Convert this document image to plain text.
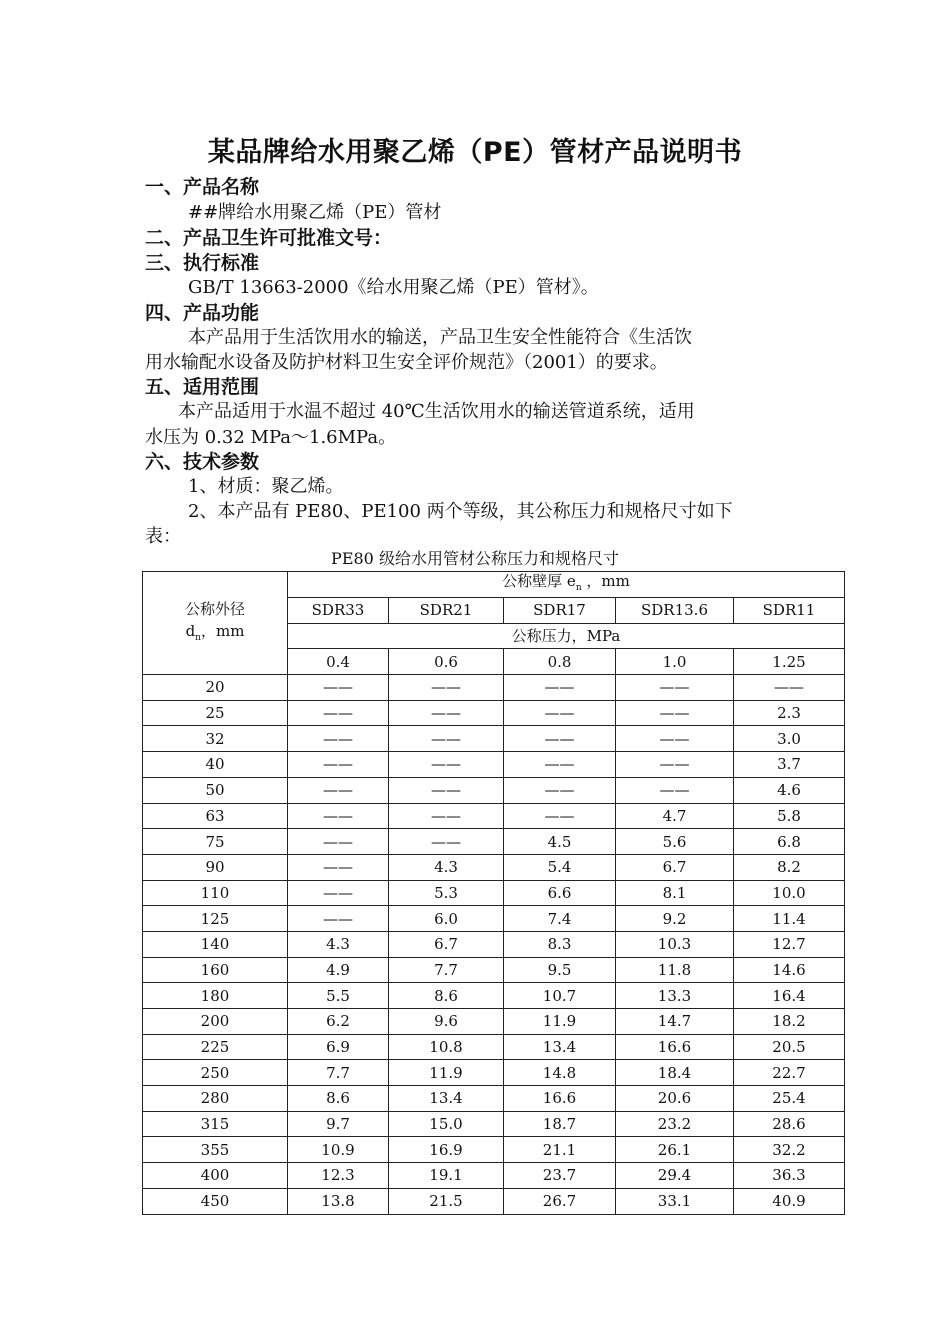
某品牌给水用聚乙烯（PE）管材产品说明书
一、产品名称
##牌给水用聚乙烯（PE）管材
二、产品卫生许可批准文号：
三、执行标准
GB/T 13663-2000《给水用聚乙烯（PE）管材》。
四、产品功能
本产品用于生活饮用水的输送，产品卫生安全性能符合《生活饮
用水输配水设备及防护材料卫生安全评价规范》（2001）的要求。
五、适用范围
本产品适用于水温不超过 40℃生活饮用水的输送管道系统，适用
水压为 0.32 MPa～1.6MPa。
六、技术参数
1、材质：聚乙烯。
2、本产品有 PE80、PE100 两个等级，其公称压力和规格尺寸如下
表：
PE80 级给水用管材公称压力和规格尺寸
公称外径
$d_n$，mm	公称壁厚 $e_n$ ，mm				
	SDR33	SDR21	SDR17	SDR13.6	SDR11
	公称压力，MPa				
	0.4	0.6	0.8	1.0	1.25
20	——	——	——	——	——
25	——	——	——	——	2.3
32	——	——	——	——	3.0
40	——	——	——	——	3.7
50	——	——	——	——	4.6
63	——	——	——	4.7	5.8
75	——	——	4.5	5.6	6.8
90	——	4.3	5.4	6.7	8.2
110	——	5.3	6.6	8.1	10.0
125	——	6.0	7.4	9.2	11.4
140	4.3	6.7	8.3	10.3	12.7
160	4.9	7.7	9.5	11.8	14.6
180	5.5	8.6	10.7	13.3	16.4
200	6.2	9.6	11.9	14.7	18.2
225	6.9	10.8	13.4	16.6	20.5
250	7.7	11.9	14.8	18.4	22.7
280	8.6	13.4	16.6	20.6	25.4
315	9.7	15.0	18.7	23.2	28.6
355	10.9	16.9	21.1	26.1	32.2
400	12.3	19.1	23.7	29.4	36.3
450	13.8	21.5	26.7	33.1	40.9
